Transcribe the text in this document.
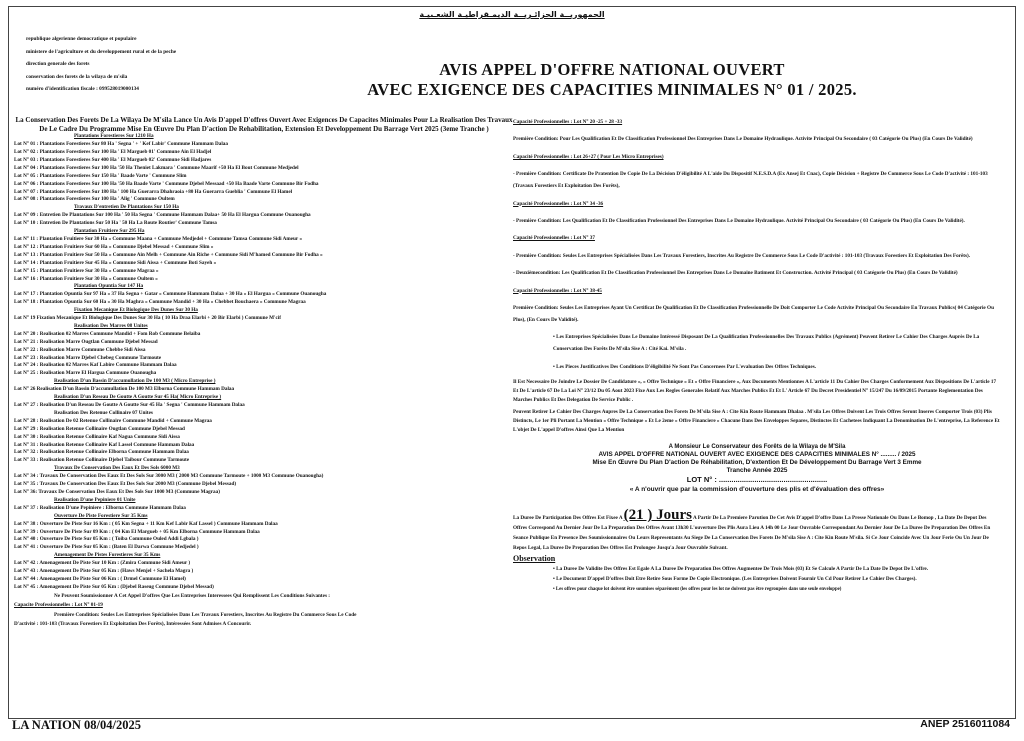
الجمهوريــة الجزائـريــة الديمـقراطيـة الشعـبيـة
republique algerienne democratique et populaire
ministere de l'agriculture et du developpement rural et de la peche
direction generale des forets
conservation des forets de la wilaya de m'sila
numéro d'identification fiscale : 099528019000134
AVIS APPEL D'OFFRE NATIONAL OUVERT
AVEC EXIGENCE DES CAPACITIES MINIMALES N° 01 / 2025.
La Conservation Des Forets De La Wilaya De M'sila Lance Un Avis D'appel D'offres Ouvert Avec Exigences De Capacites Minimales Pour La Realisation Des Travaux De Le Cadre Du Programme Mise En Œuvre Du Plan D'action De Rehabilitation, Extension Et Developpement Du Barrage Vert 2025 (3eme Tranche )
Plantations Forestieres Sur 1210 Ha
Lot N° 01 : Plantations Forestieres Sur 80 Ha ' Segna ' + ' Kef Labir' Commune Hammam Dalaa
Lot N° 02 : Plantations Forestieres Sur 100 Ha ' El Margueb 01' Commune Ain El Hadjel
Lot N° 03 : Plantations Forestieres Sur 400 Ha ' El Margueb 02' Commune Sidi Hadjares
Lot N° 04 : Plantations Forestieres Sur 100 Ha '50 Ha Theniet Lakmara ' Commune Maarif +50 Ha El Bout Commune Medjedel
Lot N° 05 : Plantations Forestieres Sur 150 Ha ' Baade Varte ' Commune Slim
Lot N° 06 : Plantations Forestieres Sur 100 Ha '50 Ha Baade Varte ' Commune Djebel Messaad +50 Ha Baade Varte Commune Bir Fodha
Lot N° 07 : Plantations Forestieres Sur 180 Ha ' 100 Ha Guerarra Dhahraoia +80 Ha Guerarra Gueblia ' Commune El Hamel
Lot N° 08 : Plantations Forestieres Sur 100 Ha ' Alig ' Commune Oultem
Travaux D'entretien De Plantations Sur 150 Ha
Lot N° 09 : Entretien De Plantations Sur 100 Ha ' 50 Ha Segna ' Commune Hammam Dalaa+ 50 Ha El Hargua Commune Ouanougha
Lot N° 10 : Entretien De Plantations Sur 50 Ha ' 50 Ha La Route Routier' Commune Tamsa
Plantation Fruitiere Sur 295 Ha
Lot N° 11 : Plantation Fruitiere Sur 30 Ha « Commune Maana + Commune Medjedel + Commune Tamsa Commune Sidi Ameur «
Lot N° 12 : Plantation Fruitiere Sur 60 Ha « Commune Djebel Messad + Commune Slim «
Lot N° 13 : Plantation Fruitiere Sur 50 Ha « Commune Ain Melh + Commune Ain Riche + Commune Sidi M'hamed Commune Bir Fodha «
Lot N° 14 : Plantation Fruitiere Sur 45 Ha « Commune Sidi Aissa + Commune Boti Sayeh «
Lot N° 15 : Plantation Fruitiere Sur 30 Ha « Commune Magraa «
Lot N° 16 : Plantation Fruitiere Sur 30 Ha « Commune Oultem «
Plantation Opuntia Sur 147 Ha
Lot N° 17 : Plantation Opuntia Sur 97 Ha « 37 Ha Segna + Gatar « Commune Hammam Dalaa + 30 Ha « El Hargua « Commune Ouanougha
Lot N° 18 : Plantation Opuntia Sur 60 Ha « 30 Ha Maghra « Commune Mandid + 30 Ha « Chebbet Bouchaera « Commune Magraa
Fixation Mecanique Et Biologique Des Dunes Sur 30 Ha
Lot N° 19 Fixation Mecanique Et Biologique Des Dunes Sur 30 Ha ( 10 Ha Draa Elarbi + 20 Bir Elarbi ) Commune M'cif
Realisation Des Marres 08 Unites
Lot N° 20 : Realisation 02 Marres Commune Mandid + Fom Rob Commune Belaiba
Lot N° 21 : Realisation Marre Ougtlan Commune Djebel Messad
Lot N° 22 : Realisation Marre Commune Chebbe Sidi Aissa
Lot N° 23 : Realisation Marre Djebel Chebeg Commune Tarmoute
Lot N° 24 : Realisation 02 Marres Kaf Labire Commune Hammam Dalaa
Lot N° 25 : Realisation Marre El Hargua Commune Ouanougha
Realisation D'un Bassin D'accumullation De 100 M3 ( Micro Entreprise )
Lot N° 26 Realisation D'un Bassin D'accumullation De 100 M3 Elborna Commune Hammam Dalaa
Realisation D'un Reseau De Goutte A Goutte Sur 45 Ha( Micro Entreprise )
Lot N° 27 : Realisation D'un Reseau De Goutte A Goutte Sur 45 Ha ' Segna ' Commune Hammam Dalaa
Realisation Des Retenue Collinaire 07 Unites
Lot N° 28 : Realisation De 02 Retenue Collinaire Commune Mandid + Commune Magraa
Lot N° 29 : Realisation Retenue Collinaire Ougtlan Commune Djebel Messad
Lot N° 30 : Realisation Retenue Collinaire Kaf Nagua Commune Sidi Aissa
Lot N° 31 : Realisation Retenue Collinaire Kaf Lassel Commune Hammam Dalaa
Lot N° 32 : Realisation Retenue Collinaire Elborna Commune Hammam Dalaa
Lot N° 33 : Realisation Retenue Collinaire Djebel Taibour Commune Tarmoute
Travaux De Conservation Des Eaux Et Des Sols 6000 M3
Lot N° 34 : Travaux De Conservation Des Eaux Et Des Sols Sur 3000 M3 ( 2000 M3 Commune Tarmoute + 1000 M3 Commune Ouanougha)
Lot N° 35 : Travaux De Conservation Des Eaux Et Des Sols Sur 2000 M3 (Commune Djebel Messad)
Lot N° 36: Travaux De Conservation Des Eaux Et Des Sols Sur 1000 M3 (Commune Magraa)
Realisation D'une Pepiniere 01 Unite
Lot N° 37 : Realisation D'une Pepiniere : Elborna Commune Hammam Dalaa
Ouverture De Piste Forestiere Sur 35 Kms
Lot N° 38 : Ouverture De Piste Sur 16 Km : ( 05 Km Segna + 11 Km Kef Labir Kaf Lassel ) Commune Hammam Dalaa
Lot N° 39 : Ouverture De Piste Sur 09 Km : ( 04 Km El Margueb + 05 Km Elborna Commune Hammam Dalaa
Lot N° 40 : Ouverture De Piste Sur 05 Km : ( Toiba Commune Ouled Addi Lgbala )
Lot N° 41 : Ouverture De Piste Sur 05 Km : (Baten El Darwa Commune Medjedel )
Amenagement De Pistes Forestieres Sur 35 Kms
Lot N° 42 : Amenagement De Piste Sur 10 Km : (Zmira Commune Sidi Ameur )
Lot N° 43 : Amenagement De Piste Sur 05 Km : (Haws Menjel + Sachela Magra )
Lot N° 44 : Amenagement De Piste Sur 06 Km : ( Drmel Commune El Hamel)
Lot N° 45 : Amenagement De Piste Sur 05 Km : (Djebel Raseug Commune Djebel Messad)
Ne Peuvent Soumissionner A Cet Appel D'offres Que Les Entreprises Interessees Qui Remplissent Les Conditions Suivantes :
Capacite Professionnelles : Lot N° 01-19
Première Condition: Seules Les Entreprises Spécialisées Dans Les Travaux Forestiers, Inscrites Au Registre Du Commerce Sous Le Code
D'activité : 101-103 (Travaux Forestiers Et Exploitation Des Forêts), Intéressées Sont Admises A Concourir.
Capacité Professionnelles : Lot N° 20 -25 + 28 -33
Première Condition: Pour Les Qualification Et De Classification Professionnel Des Entreprises Dans Le Domaine Hydraulique. Activite Principal Ou Secondaire ( 03 Catégorie Ou Plus) (En Cours De Validité)
Capacité Professionnelles : Lot 26+27 ( Pour Les Micro Entreprises)
- Première Condition: Certificate De Pratention De Copie De La Décision D'éligibilité A L'aide Du Dispositif N.E.S.D.A (Ex Ansej Et Cnac), Copie Décision + Registre De Commerce Sous Le Code D'activité : 101-103 (Travaux Forestiers Et Exploitation Des Forêts),
Capacité Professionnelles : Lot N° 34 -36
- Première Condition: Les Qualification Et De Classification Professionnel Des Entreprises Dans Le Domaine Hydraulique. Activité Principal Ou Secondaire ( 03 Catégorie Ou Plus) (En Cours De Validité).
Capacité Professionnelles : Lot N° 37
- Première Condition: Seules Les Entreprises Spécialisées Dans Les Travaux Forestiers, Inscrites Au Registre De Commerce Sous Le Code D'activité : 101-103 (Travaux Forestiers Et Exploitation Des Forêts).
- Deuxièmecondition: Les Qualification Et De Classification Professionnel Des Entreprises Dans Le Domaine Batiment Et Construction. Activité Principal ( 03 Catégorie Ou Plus) (En Cours De Validité)
Capacité Professionnelles : Lot N° 38-45
Première Condition: Seules Les Entreprises Ayant Un Certificat De Qualification Et De Classification Professionnelle De Doit Comporter Le Code Activite Principal Ou Secondaire En Travaux Publics( 04 Catégorie Ou Plus), (En Cours De Validité).
• Les Entreprises Spécialisées Dans Le Domaine Intéressé Disposant De La Qualification Professionnelles Des Travaux Publics (Agrément) Peuvent Retirer Le Cahier Des Charges Auprès De La Conservation Des Forêts De M'sila Sise A : Cité Kai. M'sila .
• Les Pieces Justificatives Des Conditions D'éligibilité Ne Sont Pas Concernees Par L'evaluation Des Offres Techniques.
Il Est Necessaire De Joindre Le Dossier De Candidature «, « Offre Technique » Et « Offre Financiere », Aux Documents Mentionnes A L'article 11 Du Cahier Des Charges Conformement Aux Dispositions De L'article 17 Et De L'article 67 De La Loi N° 23/12 Du 05 Aout 2023 Fixe Aux Les Regles Generales Relatif Aux Marches Publics Et Et L' Article 67 Du Decret Presidentiel N° 15/247 Du 16/09/2015 Portante Reglementation Des Marches Publics Et Des Delegation De Service Public .
Peuvent Retirer Le Cahier Des Charges Aupres De La Conservation Des Forets De M'sila Sise A : Cite Kin Route Hammam Dhalaa . M'sila Les Offres Doivent Les Trois Offres Seront Inseres Comporter Trois (03) Plis Distincts, Le 1er Pli Portant La Mention « Offre Technique » Et Le 2eme « Offre Financiere » Chacune Dans Des Enveloppes Separes, Distinctes Et Cachetees Indiquant La Denomination De L'entreprise, La Reference Et L'objet De L'appel D'offres Ainsi Que La Mention
A Monsieur Le Conservateur des Forêts de la Wilaya de M'Sila
AVIS APPEL D'OFFRE NATIONAL OUVERT AVEC EXIGENCE DES CAPACITIES MINIMALES N° ......... / 2025
Mise En Œuvre Du Plan D'action De Réhabilitation, D'extention Et De Développement Du Barrage Vert 3 Emme
Tranche Année 2025
LOT N° : ....................................................
« A n'ouvrir que par la commission d'ouverture des plis et d'évaluation des offres»
La Duree De Participation Des Offres Est Fixee A (21 ) Jours A Partir De La Premiere Parution De Cet Avis D'appel D'offre Dans La Presse Nationale Ou Dans Le Bomop , La Date De Depot Des Offres Correspond Au Dernier Jour De La Preparation Des Offres Avant 13h30 L'ouverture Des Plis Aura Lieu A 14h 00 Le Jour Ouvrable Correspondant Au Dernier Jour De La Duree De Preparation Des Offres En Seance Publique En Presence Des Soumissionnaires Ou Leurs Representants Au Siege De La Conservation Des Forets De M'sila Sise A : Cite Kin Route M'sila. Si Ce Jour Coincide Avec Un Jour Ferie Ou Un Jour De Repos Legal, La Duree De Preparation Des Offres Est Prolongee Jusqu'a Jour Ouvrable Suivant.
Observation
• La Duree De Validite Des Offres Est Egale A La Duree De Preparation Des Offres Augmentee De Trois Mois (03) Et Se Calcule A Partir De La Date De Depot De L'offre.
• Le Document D'appel D'offres Doit Etre Retire Sous Forme De Copie Electronique. (Les Entreprises Doivent Fournir Un Cd Pour Retirer Le Cahier Des Charges).
• Les offres pour chaque lot doivent être soumises séparément (les offres pour les lot ne doivent pas être regroupées dans une seule enveloppe)
LA NATION 08/04/2025	ANEP 2516011084
